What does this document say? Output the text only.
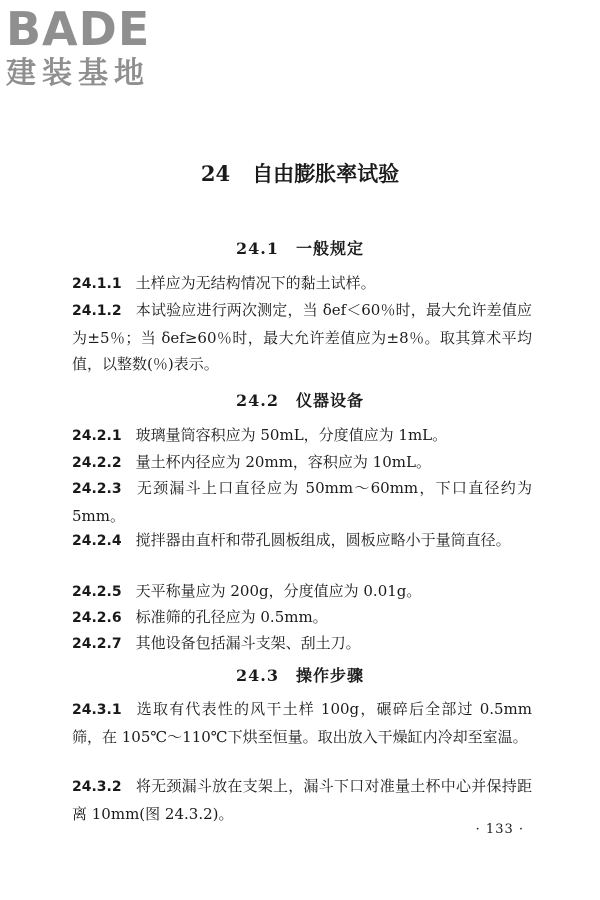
BADE
建装基地
24 自由膨胀率试验
24.1　一般规定
24.1.1 土样应为无结构情况下的黏土试样。
24.1.2 本试验应进行两次测定，当 δef＜60％时，最大允许差值应为±5％；当 δef≥60％时，最大允许差值应为±8％。取其算术平均值，以整数(％)表示。
24.2　仪器设备
24.2.1 玻璃量筒容积应为 50mL，分度值应为 1mL。
24.2.2 量土杯内径应为 20mm，容积应为 10mL。
24.2.3 无颈漏斗上口直径应为 50mm～60mm，下口直径约为 5mm。
24.2.4 搅拌器由直杆和带孔圆板组成，圆板应略小于量筒直径。
24.2.5 天平称量应为 200g，分度值应为 0.01g。
24.2.6 标准筛的孔径应为 0.5mm。
24.2.7 其他设备包括漏斗支架、刮土刀。
24.3　操作步骤
24.3.1 选取有代表性的风干土样 100g，碾碎后全部过 0.5mm 筛，在 105℃～110℃下烘至恒量。取出放入干燥缸内冷却至室温。
24.3.2 将无颈漏斗放在支架上，漏斗下口对准量土杯中心并保持距离 10mm(图 24.3.2)。
· 133 ·
